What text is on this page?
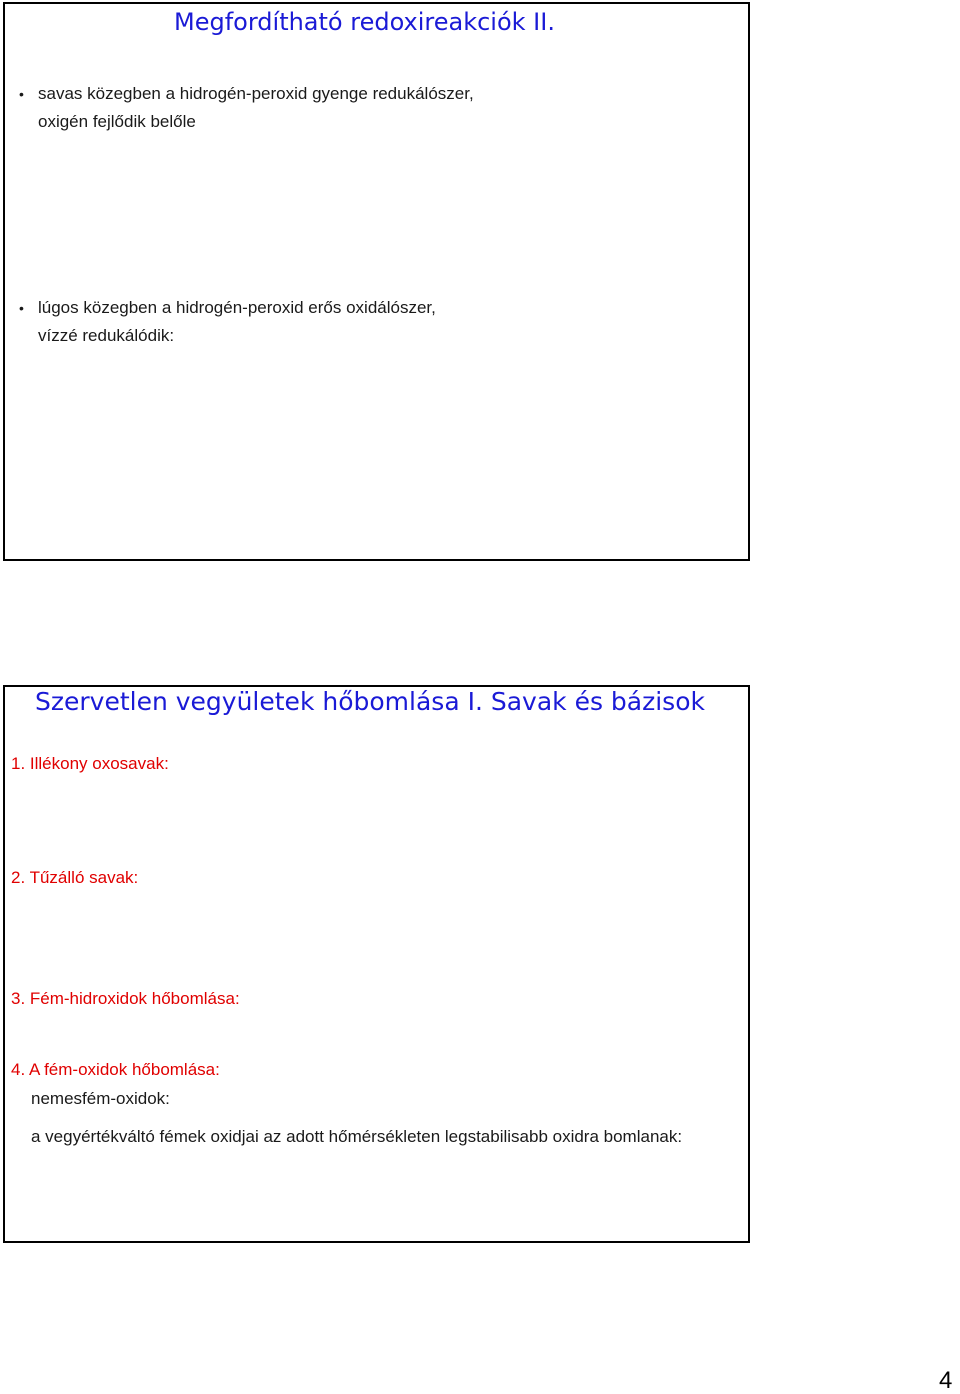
Megfordítható redoxireakciók II.
• savas közegben a hidrogén-peroxid gyenge redukálószer,
oxigén fejlődik belőle
• lúgos közegben a hidrogén-peroxid erős oxidálószer,
vízzé redukálódik:
Szervetlen vegyületek hőbomlása I. Savak és bázisok
1. Illékony oxosavak:
2. Tűzálló savak:
3. Fém-hidroxidok hőbomlása:
4. A fém-oxidok hőbomlása:
nemesfém-oxidok:
a vegyértékváltó fémek oxidjai az adott hőmérsékleten legstabilisabb oxidra bomlanak:
4
